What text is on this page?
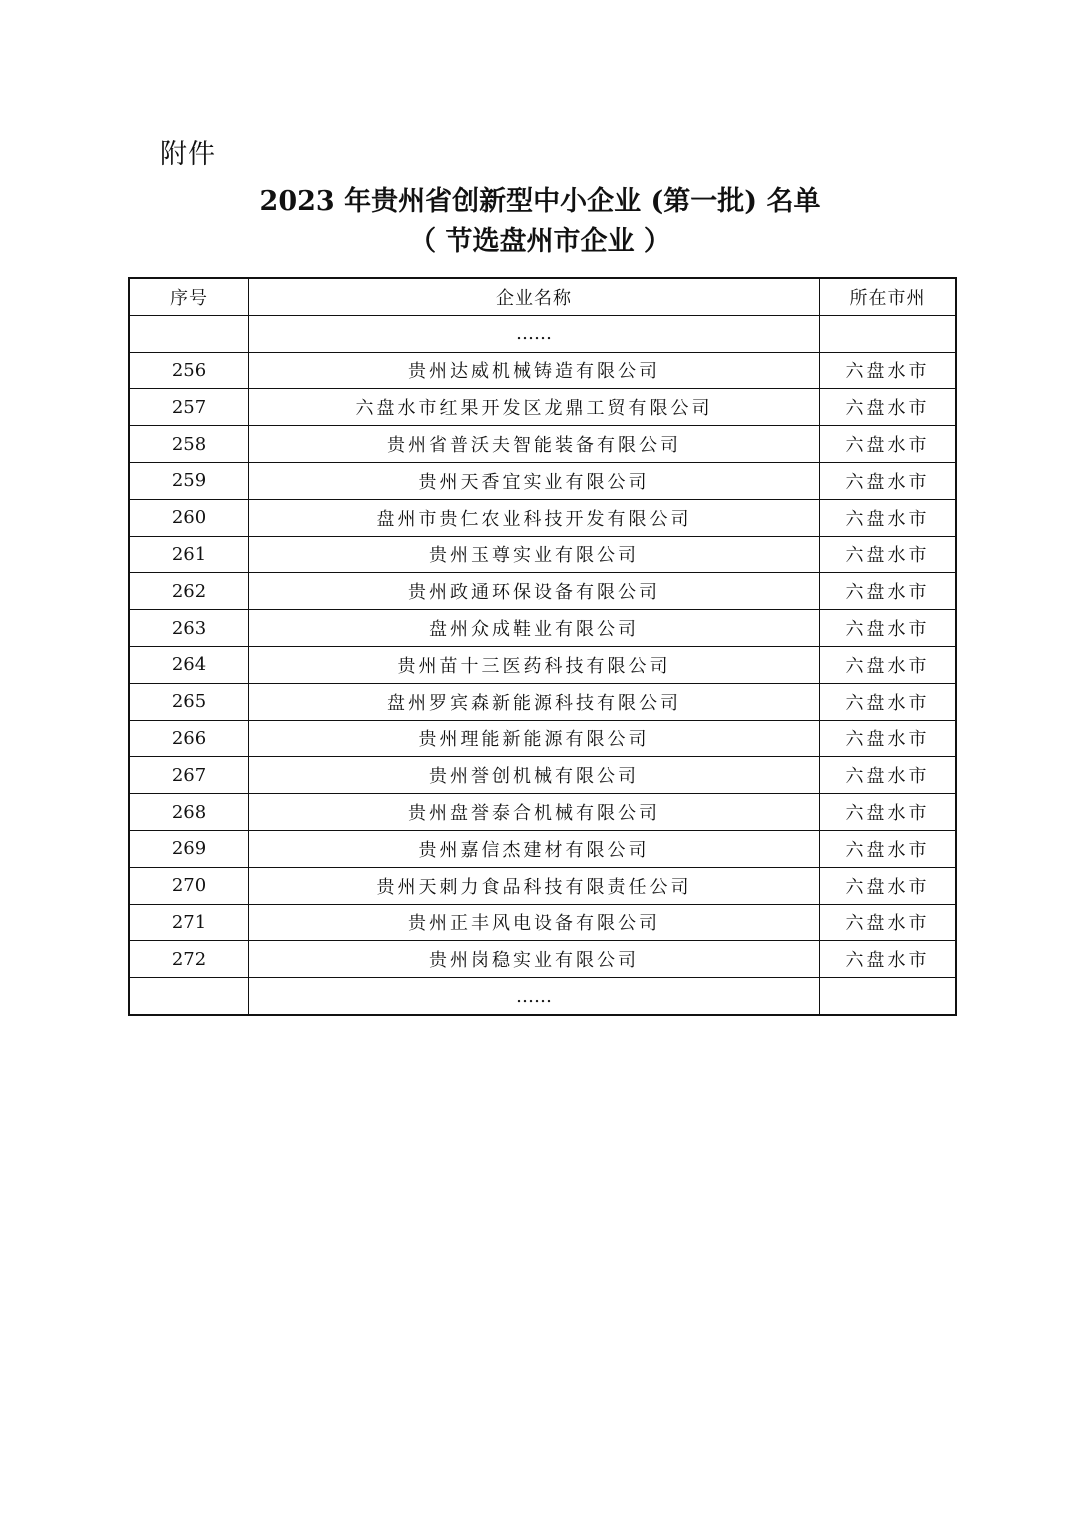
附件
2023 年贵州省创新型中小企业 (第一批) 名单
（ 节选盘州市企业 ）
序号	企业名称	所在市州
	……	
256	贵州达威机械铸造有限公司	六盘水市
257	六盘水市红果开发区龙鼎工贸有限公司	六盘水市
258	贵州省普沃夫智能装备有限公司	六盘水市
259	贵州天香宜实业有限公司	六盘水市
260	盘州市贵仁农业科技开发有限公司	六盘水市
261	贵州玉尊实业有限公司	六盘水市
262	贵州政通环保设备有限公司	六盘水市
263	盘州众成鞋业有限公司	六盘水市
264	贵州苗十三医药科技有限公司	六盘水市
265	盘州罗宾森新能源科技有限公司	六盘水市
266	贵州理能新能源有限公司	六盘水市
267	贵州誉创机械有限公司	六盘水市
268	贵州盘誉泰合机械有限公司	六盘水市
269	贵州嘉信杰建材有限公司	六盘水市
270	贵州天刺力食品科技有限责任公司	六盘水市
271	贵州正丰风电设备有限公司	六盘水市
272	贵州岗稳实业有限公司	六盘水市
	……	
